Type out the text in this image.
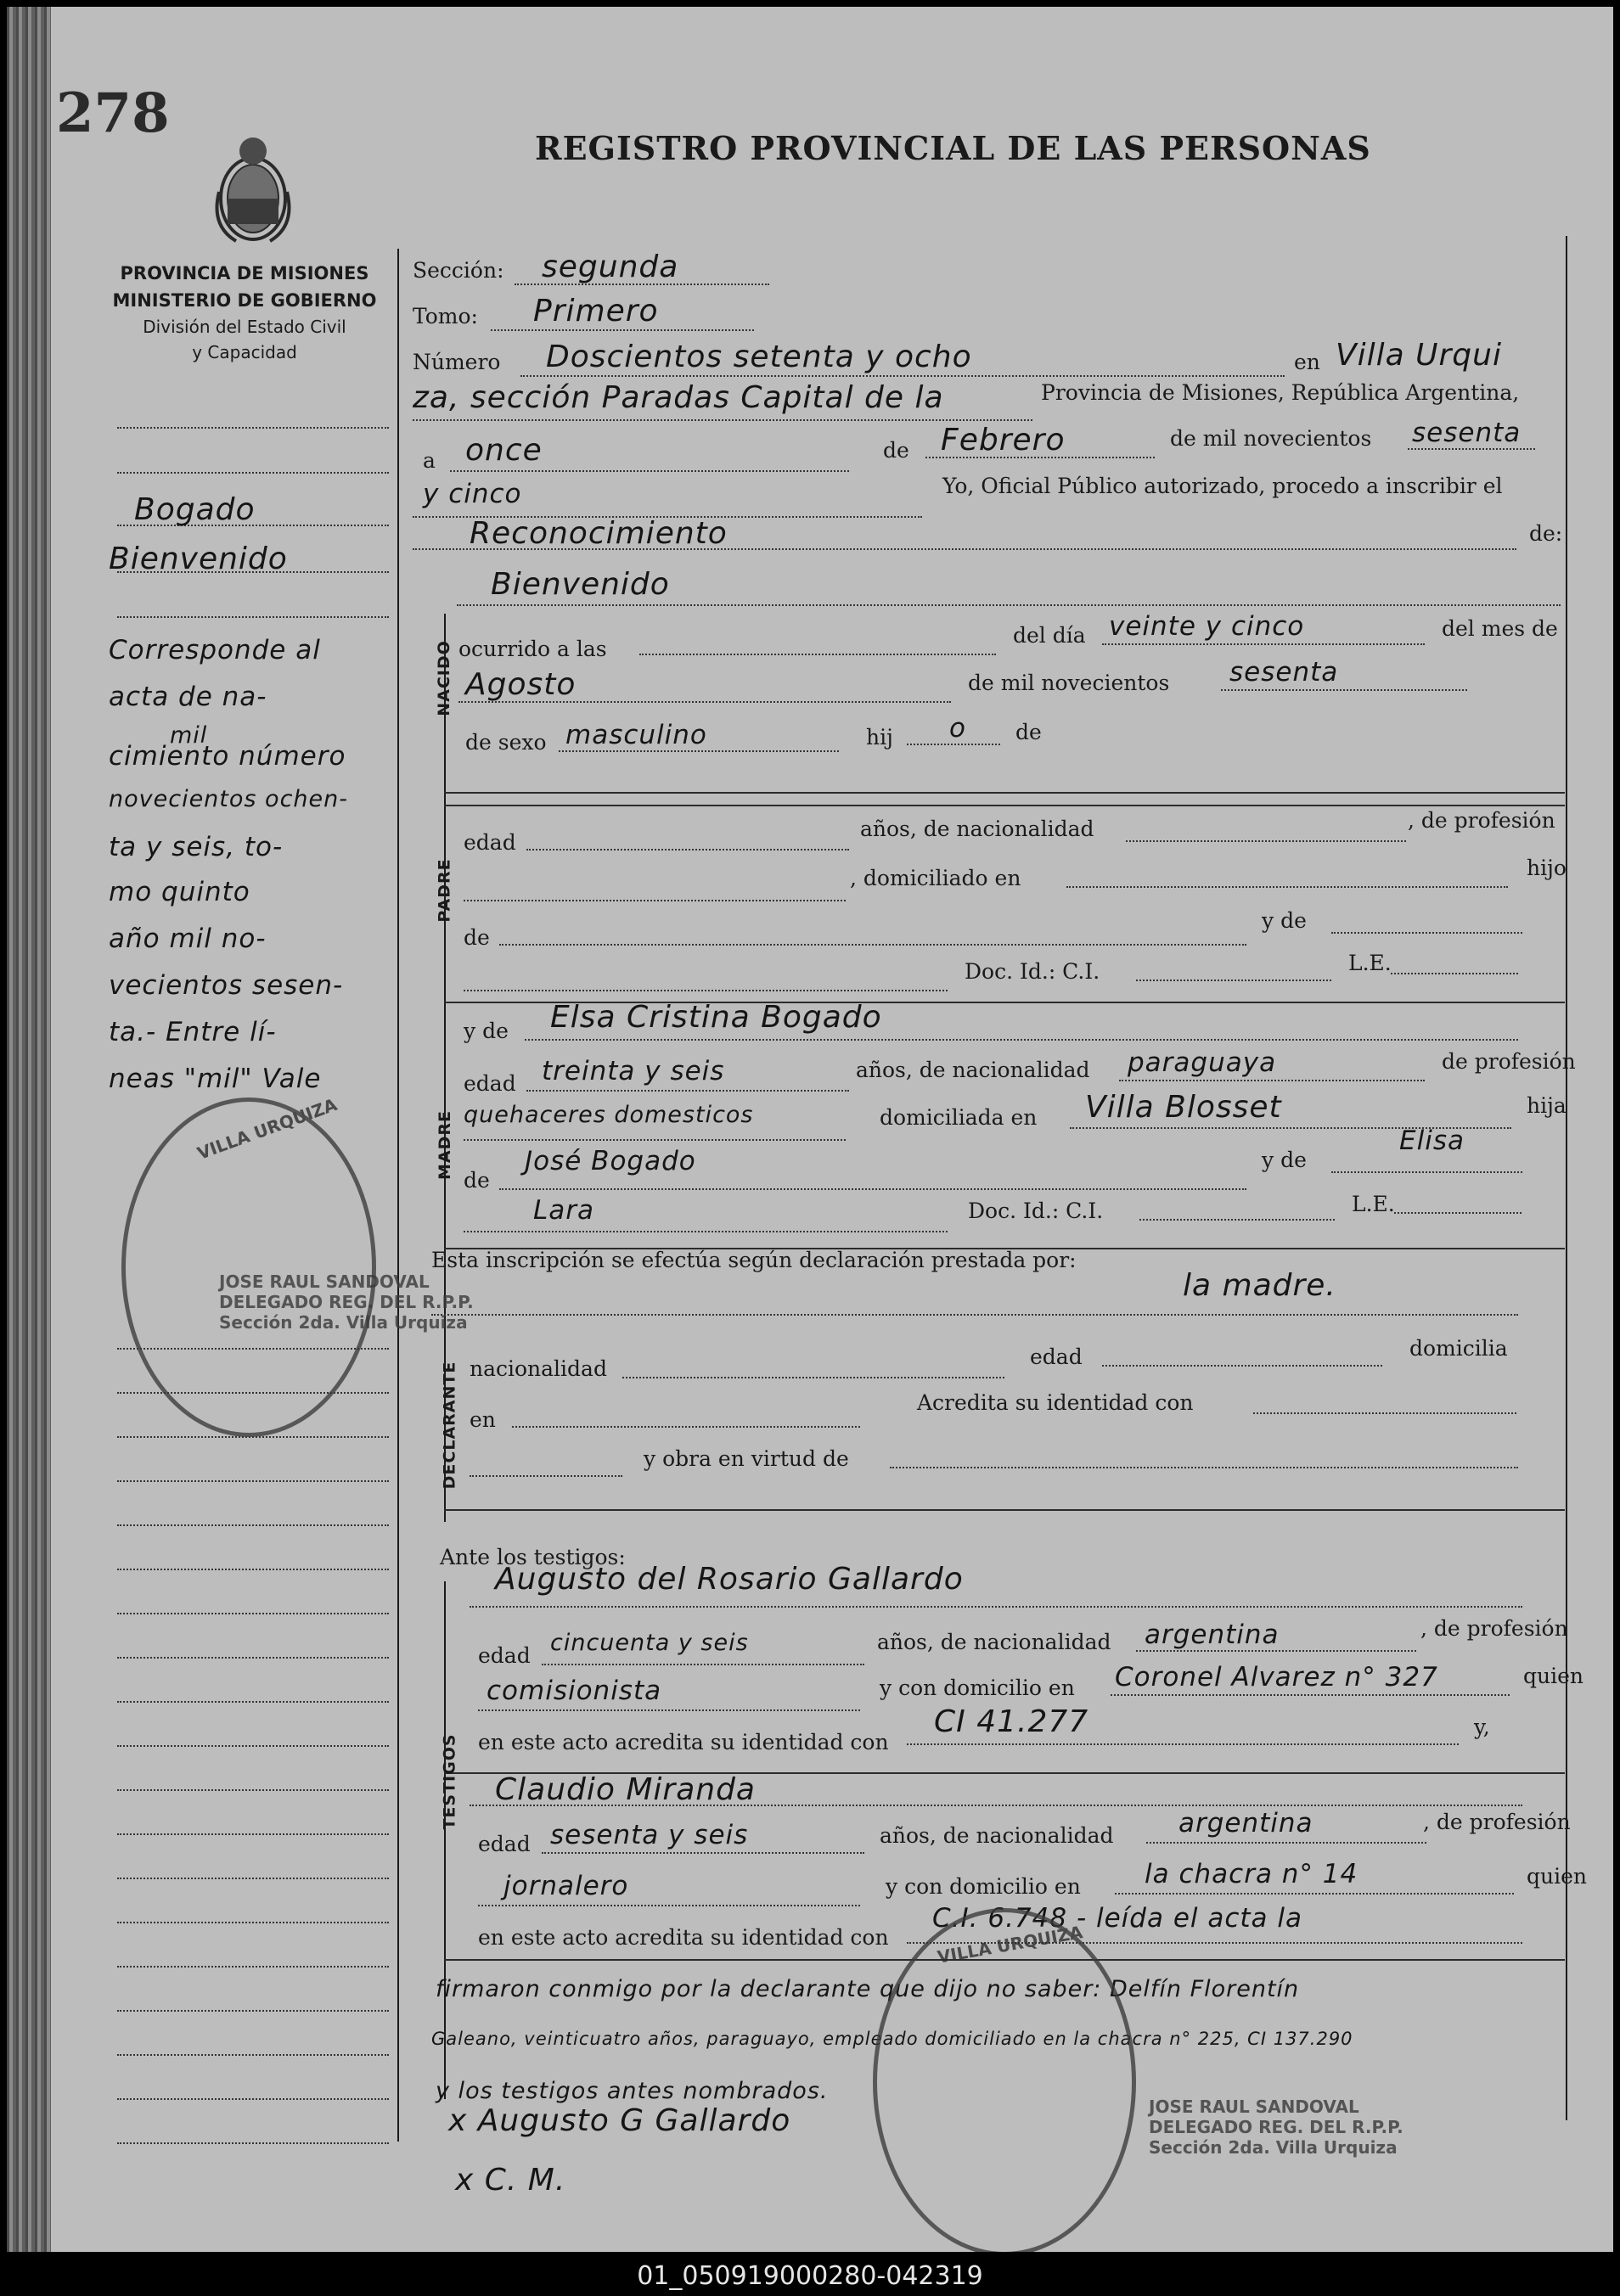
278
REGISTRO PROVINCIAL DE LAS PERSONAS
PROVINCIA DE MISIONES
MINISTERIO DE GOBIERNO
División del Estado Civil
y Capacidad
Bogado
Bienvenido
Corresponde al
acta de na-
mil
cimiento número
novecientos ochen-
ta y seis, to-
mo quinto
año mil no-
vecientos sesen-
ta.- Entre lí-
neas "mil" Vale
VILLA URQUIZA
JOSE RAUL SANDOVAL
DELEGADO REG. DEL R.P.P.
Sección 2da. Villa Urquiza
NACIDO
PADRE
MADRE
DECLARANTE
TESTIGOS
Sección: segunda
Tomo: Primero
Número Doscientos setenta y ocho	en Villa Urqui
za, sección Paradas Capital de la	Provincia de Misiones, República Argentina,
a once	de Febrero	de mil novecientos sesenta
y cinco	Yo, Oficial Público autorizado, procedo a inscribir el
Reconocimiento	de:
Bienvenido
ocurrido a las
del día veinte y cinco	del mes de
Agosto	de mil novecientos sesenta
de sexo masculino	hij o de
edad
años, de nacionalidad	, de profesión
, domiciliado en	hijo
de
y de
Doc. Id.: C.I.	L.E.
y de Elsa Cristina Bogado
edad treinta y seis	años, de nacionalidad paraguaya	de profesión
quehaceres domesticos	domiciliada en Villa Blosset	hija
de
José Bogado	y de
Elisa
Lara	Doc. Id.: C.I.	L.E.
Esta inscripción se efectúa según declaración prestada por:
la madre.
nacionalidad	edad	domicilia
en
Acredita su identidad con
y obra en virtud de
Ante los testigos:
Augusto del Rosario Gallardo
edad cincuenta y seis	años, de nacionalidad argentina	, de profesión
comisionista	y con domicilio en Coronel Alvarez n° 327	quien
en este acto acredita su identidad con
CI 41.277	y,
Claudio Miranda
edad sesenta y seis	años, de nacionalidad argentina	, de profesión
jornalero	y con domicilio en la chacra n° 14	quien
en este acto acredita su identidad con
C.I. 6.748 - leída el acta la
firmaron conmigo por la declarante que dijo no saber: Delfín Florentín
Galeano, veinticuatro años, paraguayo, empleado domiciliado en la chacra n° 225, CI 137.290
y los testigos antes nombrados.
x Augusto G Gallardo
x C. M.
VILLA URQUIZA
JOSE RAUL SANDOVAL
DELEGADO REG. DEL R.P.P.
Sección 2da. Villa Urquiza
01_050919000280-042319
